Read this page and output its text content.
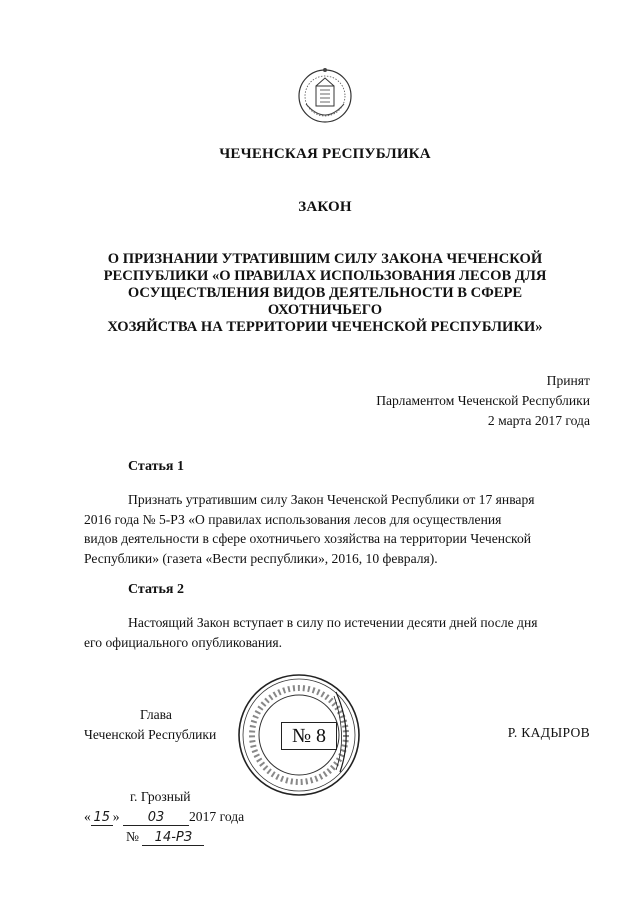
ЧЕЧЕНСКАЯ РЕСПУБЛИКА
ЗАКОН
О ПРИЗНАНИИ УТРАТИВШИМ СИЛУ ЗАКОНА ЧЕЧЕНСКОЙ
РЕСПУБЛИКИ «О ПРАВИЛАХ ИСПОЛЬЗОВАНИЯ ЛЕСОВ ДЛЯ
ОСУЩЕСТВЛЕНИЯ ВИДОВ ДЕЯТЕЛЬНОСТИ В СФЕРЕ ОХОТНИЧЬЕГО
ХОЗЯЙСТВА НА ТЕРРИТОРИИ ЧЕЧЕНСКОЙ РЕСПУБЛИКИ»
Принят
Парламентом Чеченской Республики
2 марта 2017 года
Статья 1
Признать утратившим силу Закон Чеченской Республики от 17 января
2016 года № 5-РЗ «О правилах использования лесов для осуществления
видов деятельности в сфере охотничьего хозяйства на территории Чеченской
Республики» (газета «Вести республики», 2016, 10 февраля).
Статья 2
Настоящий Закон вступает в силу по истечении десяти дней после дня
его официального опубликования.
Глава
Чеченской Республики	№ 8	Р. КАДЫРОВ
г. Грозный
« 15 » 03 2017 года
№ 14-РЗ
